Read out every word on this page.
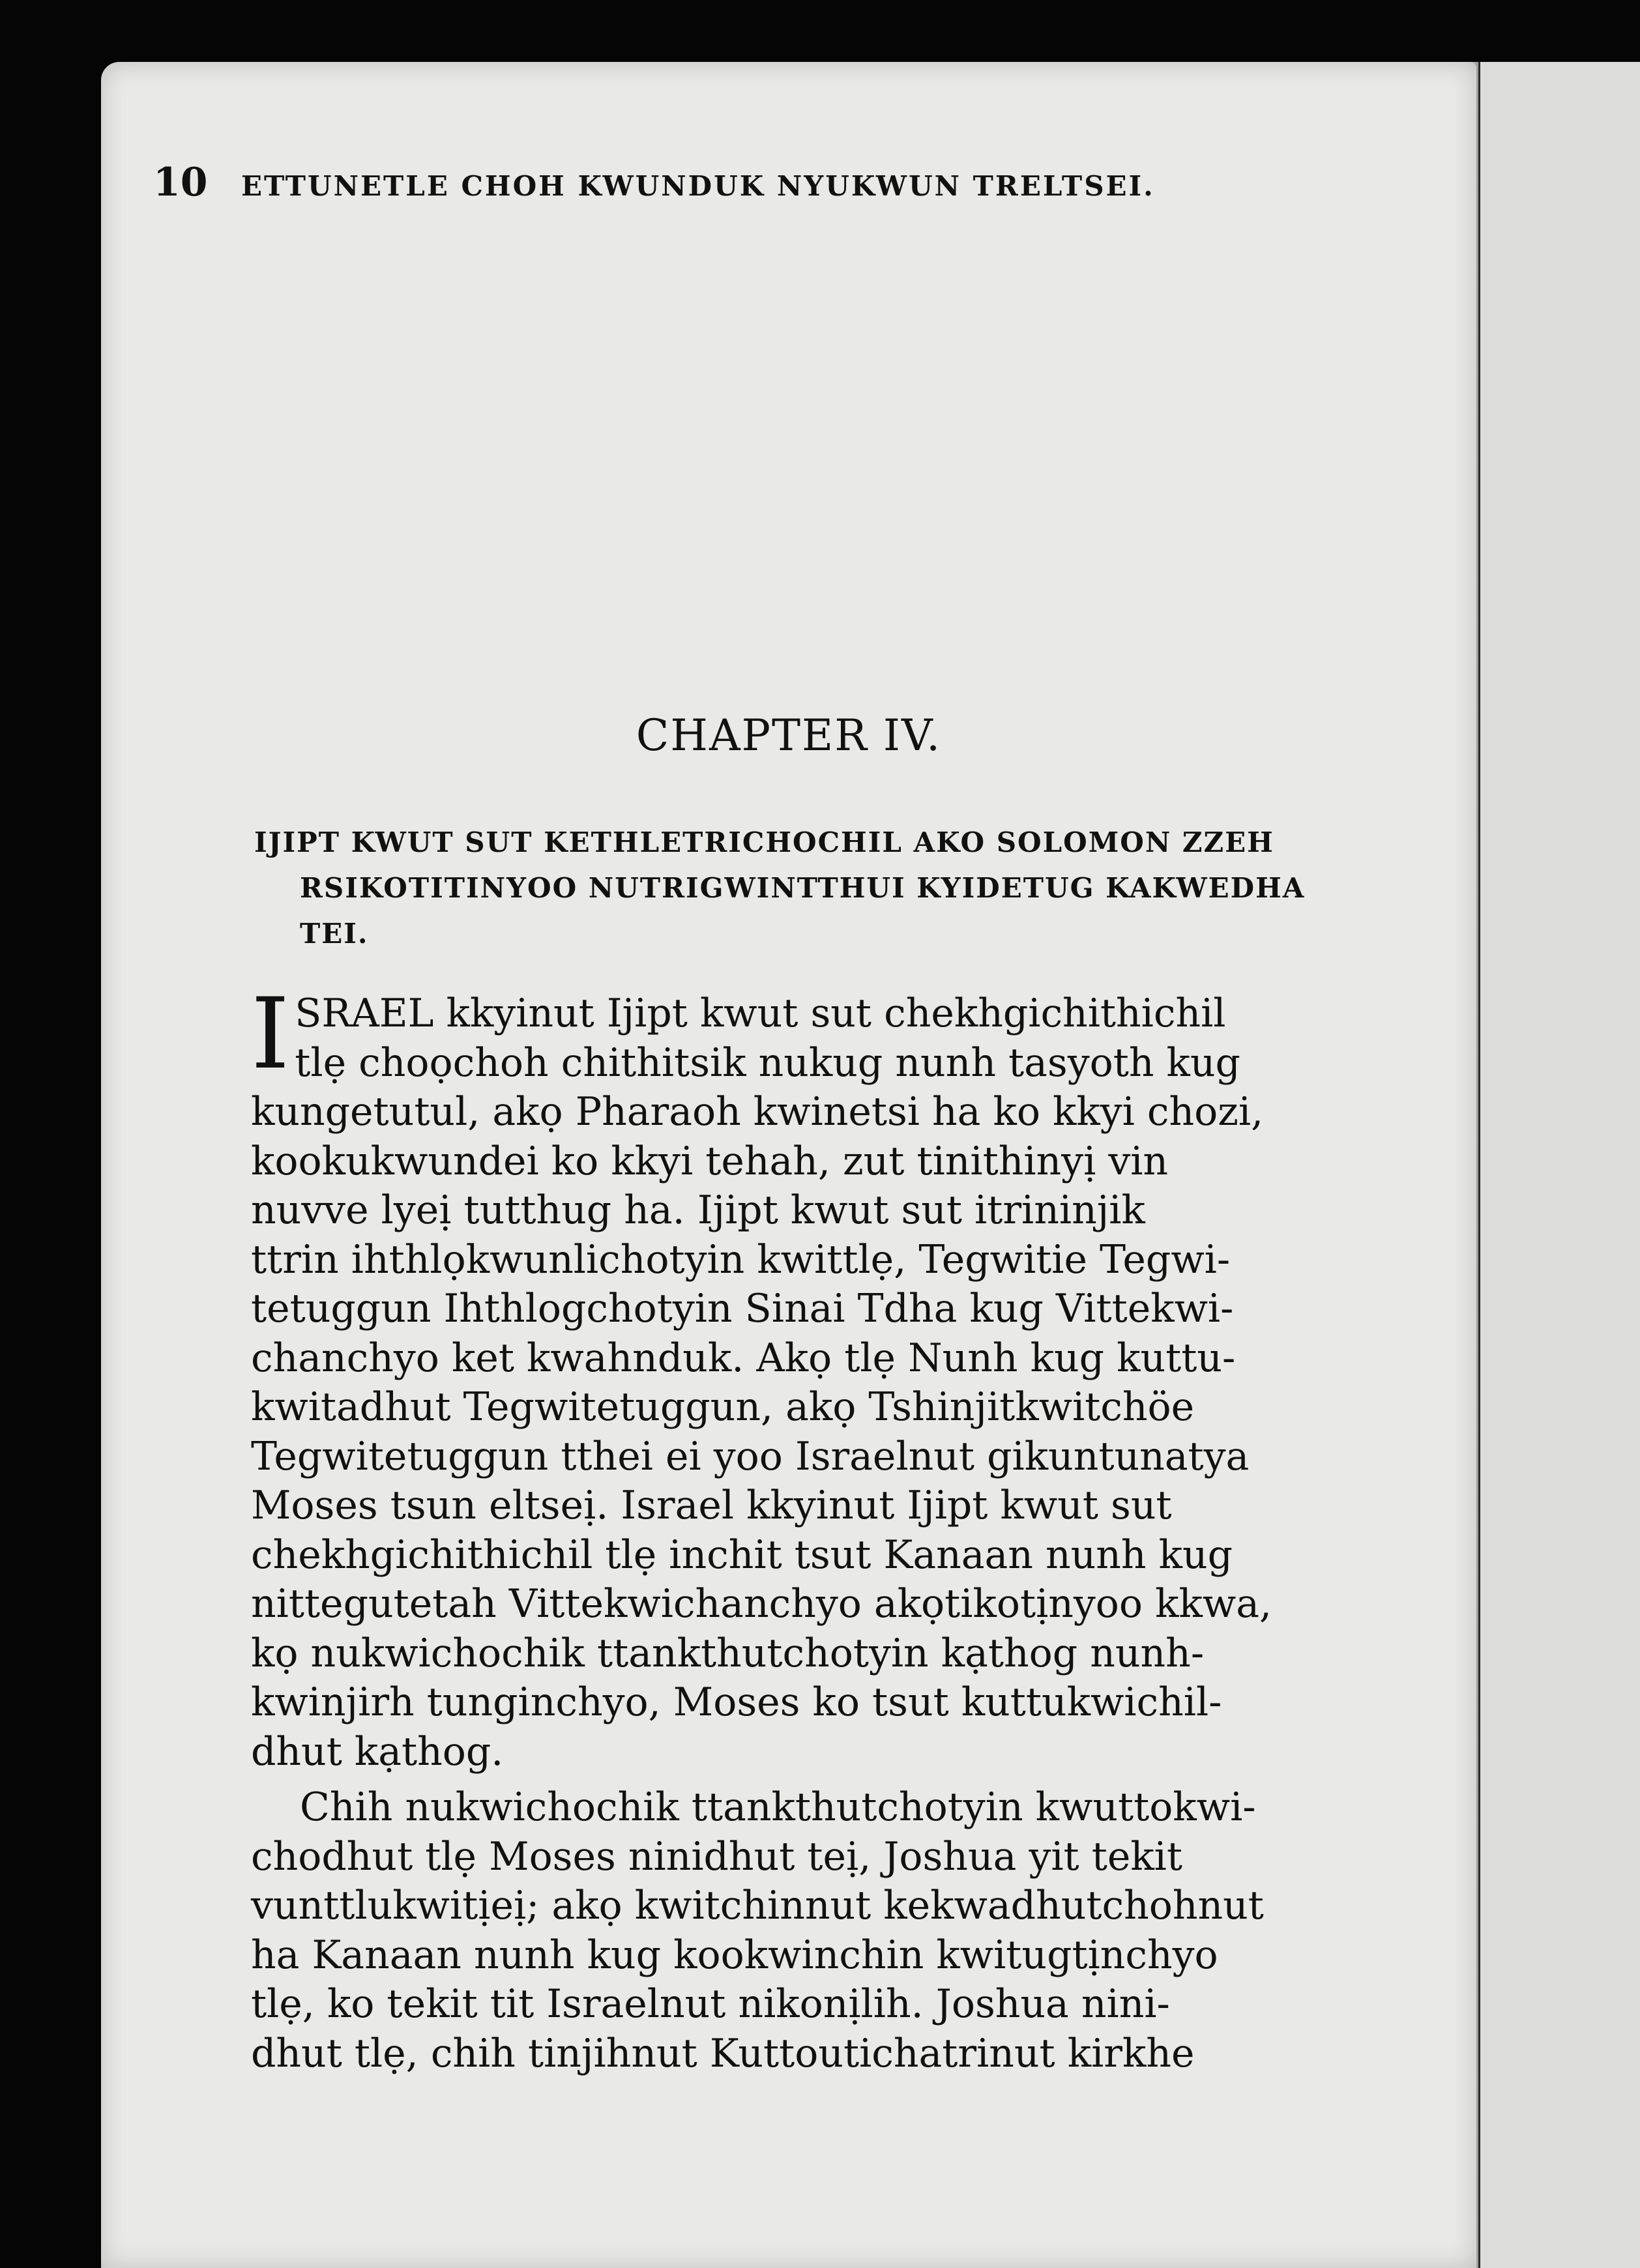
10	ETTUNETLE CHOH KWUNDUK NYUKWUN TRELTSEI.
CHAPTER IV.
IJIPT KWUT SUT KETHLETRICHOCHIL AKO SOLOMON ZZEH
RSIKOTITINYOO NUTRIGWINTTHUI KYIDETUG KAKWEDHA
TEI.
I SRAEL kkyinut Ijipt kwut sut chekhgichithichil
tlẹ choọchoh chithitsik nukug nunh tasyoth kug
kungetutul, akọ Pharaoh kwinetsi ha ko kkyi chozi,
kookukwundei ko kkyi tehah, zut tinithinyị vin
nuvve lyeị tutthug ha. Ijipt kwut sut itrininjik
ttrin ihthlọkwunlichotyin kwittlẹ, Tegwitie Tegwi-
tetuggun Ihthlogchotyin Sinai Tdha kug Vittekwi-
chanchyo ket kwahnduk. Akọ tlẹ Nunh kug kuttu-
kwitadhut Tegwitetuggun, akọ Tshinjitkwitchöe
Tegwitetuggun tthei ei yoo Israelnut gikuntunatya
Moses tsun eltseị. Israel kkyinut Ijipt kwut sut
chekhgichithichil tlẹ inchit tsut Kanaan nunh kug
nittegutetah Vittekwichanchyo akọtikotịnyoo kkwa,
kọ nukwichochik ttankthutchotyin kạthog nunh-
kwinjirh tunginchyo, Moses ko tsut kuttukwichil-
dhut kạthog.
Chih nukwichochik ttankthutchotyin kwuttokwi-
chodhut tlẹ Moses ninidhut teị, Joshua yit tekit
vunttlukwitịeị; akọ kwitchinnut kekwadhutchohnut
ha Kanaan nunh kug kookwinchin kwitugtịnchyo
tlẹ, ko tekit tit Israelnut nikonịlih. Joshua nini-
dhut tlẹ, chih tinjihnut Kuttoutichatrinut kirkhe
